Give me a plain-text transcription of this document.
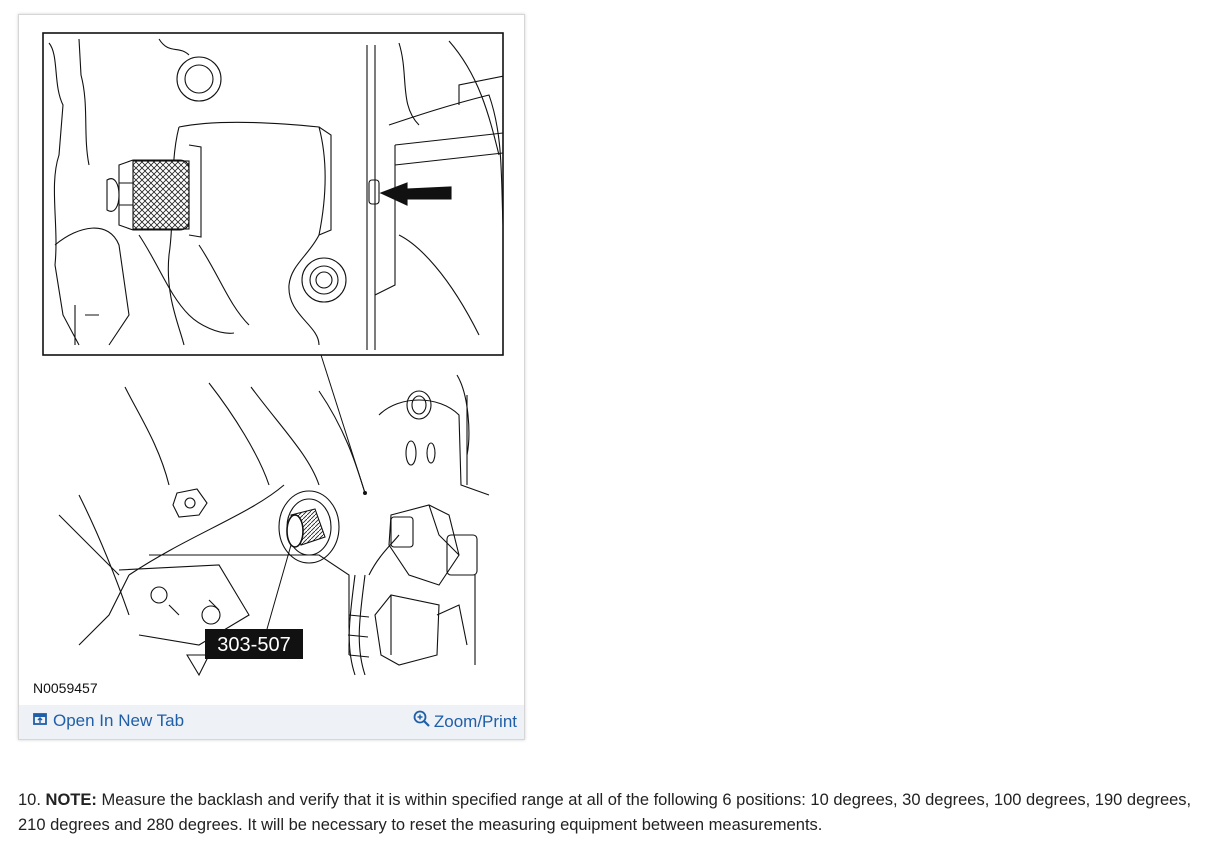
303-507
N0059457
Open In New Tab	Zoom/Print
10. NOTE: Measure the backlash and verify that it is within specified range at all of the following 6 positions: 10 degrees, 30 degrees, 100 degrees, 190 degrees, 210 degrees and 280 degrees. It will be necessary to reset the measuring equipment between measurements.
